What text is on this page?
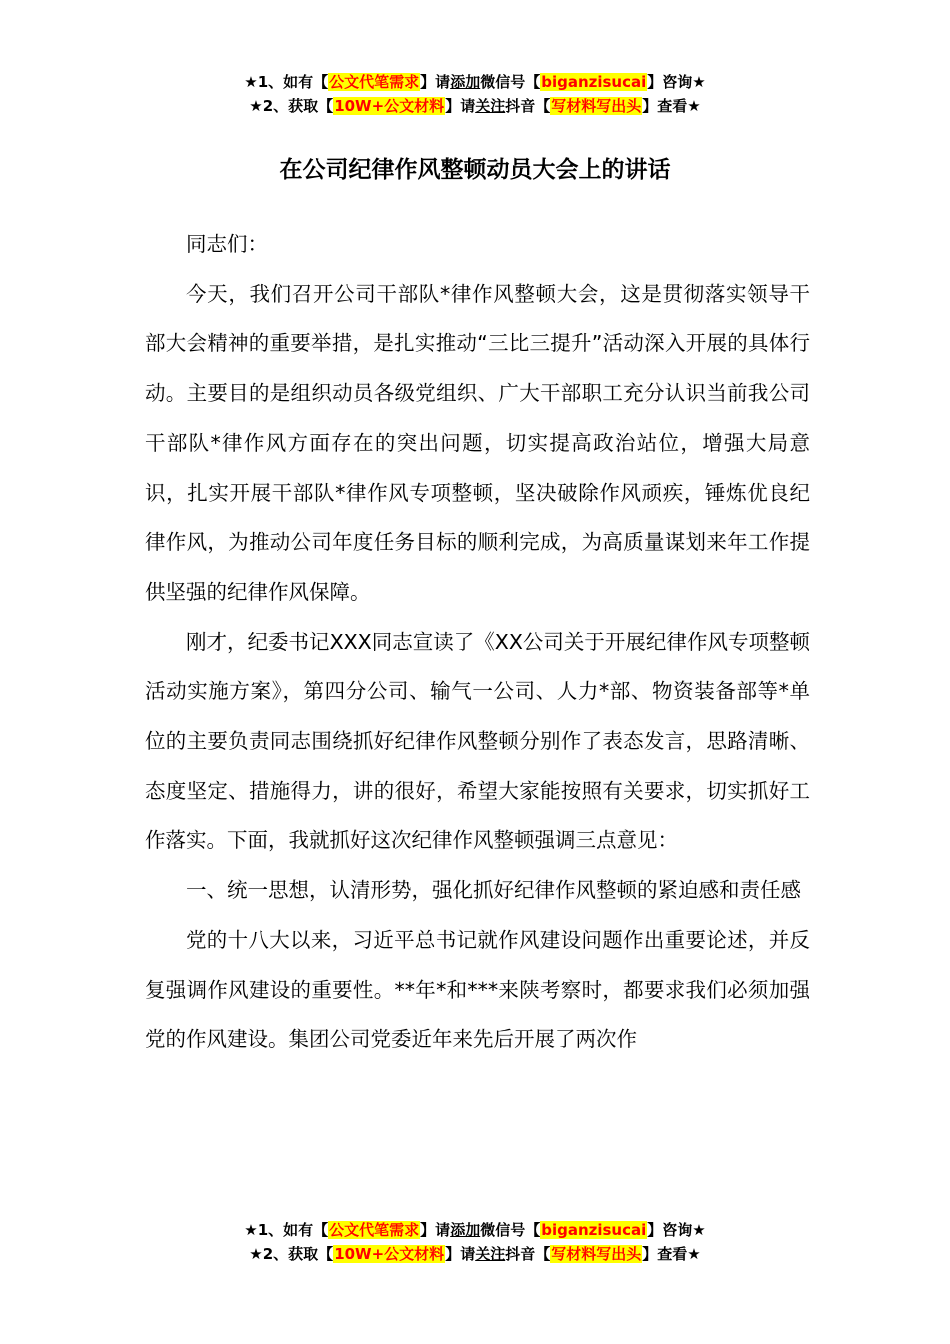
★1、如有【公文代笔需求】请添加微信号【biganzisucai】咨询★
★2、获取【10W+公文材料】请关注抖音【写材料写出头】查看★
在公司纪律作风整顿动员大会上的讲话

同志们：

今天，我们召开公司干部队*律作风整顿大会，这是贯彻落实领导干部大会精神的重要举措，是扎实推动“三比三提升”活动深入开展的具体行动。主要目的是组织动员各级党组织、广大干部职工充分认识当前我公司干部队*律作风方面存在的突出问题，切实提高政治站位，增强大局意识，扎实开展干部队*律作风专项整顿，坚决破除作风顽疾，锤炼优良纪律作风，为推动公司年度任务目标的顺利完成，为高质量谋划来年工作提供坚强的纪律作风保障。

刚才，纪委书记XXX同志宣读了《XX公司关于开展纪律作风专项整顿活动实施方案》，第四分公司、输气一公司、人力*部、物资装备部等*单位的主要负责同志围绕抓好纪律作风整顿分别作了表态发言，思路清晰、态度坚定、措施得力，讲的很好，希望大家能按照有关要求，切实抓好工作落实。下面，我就抓好这次纪律作风整顿强调三点意见：

一、统一思想，认清形势，强化抓好纪律作风整顿的紧迫感和责任感

党的十八大以来，习近平总书记就作风建设问题作出重要论述，并反复强调作风建设的重要性。**年*和***来陕考察时，都要求我们必须加强党的作风建设。集团公司党委近年来先后开展了两次作

★1、如有【公文代笔需求】请添加微信号【biganzisucai】咨询★
★2、获取【10W+公文材料】请关注抖音【写材料写出头】查看★
